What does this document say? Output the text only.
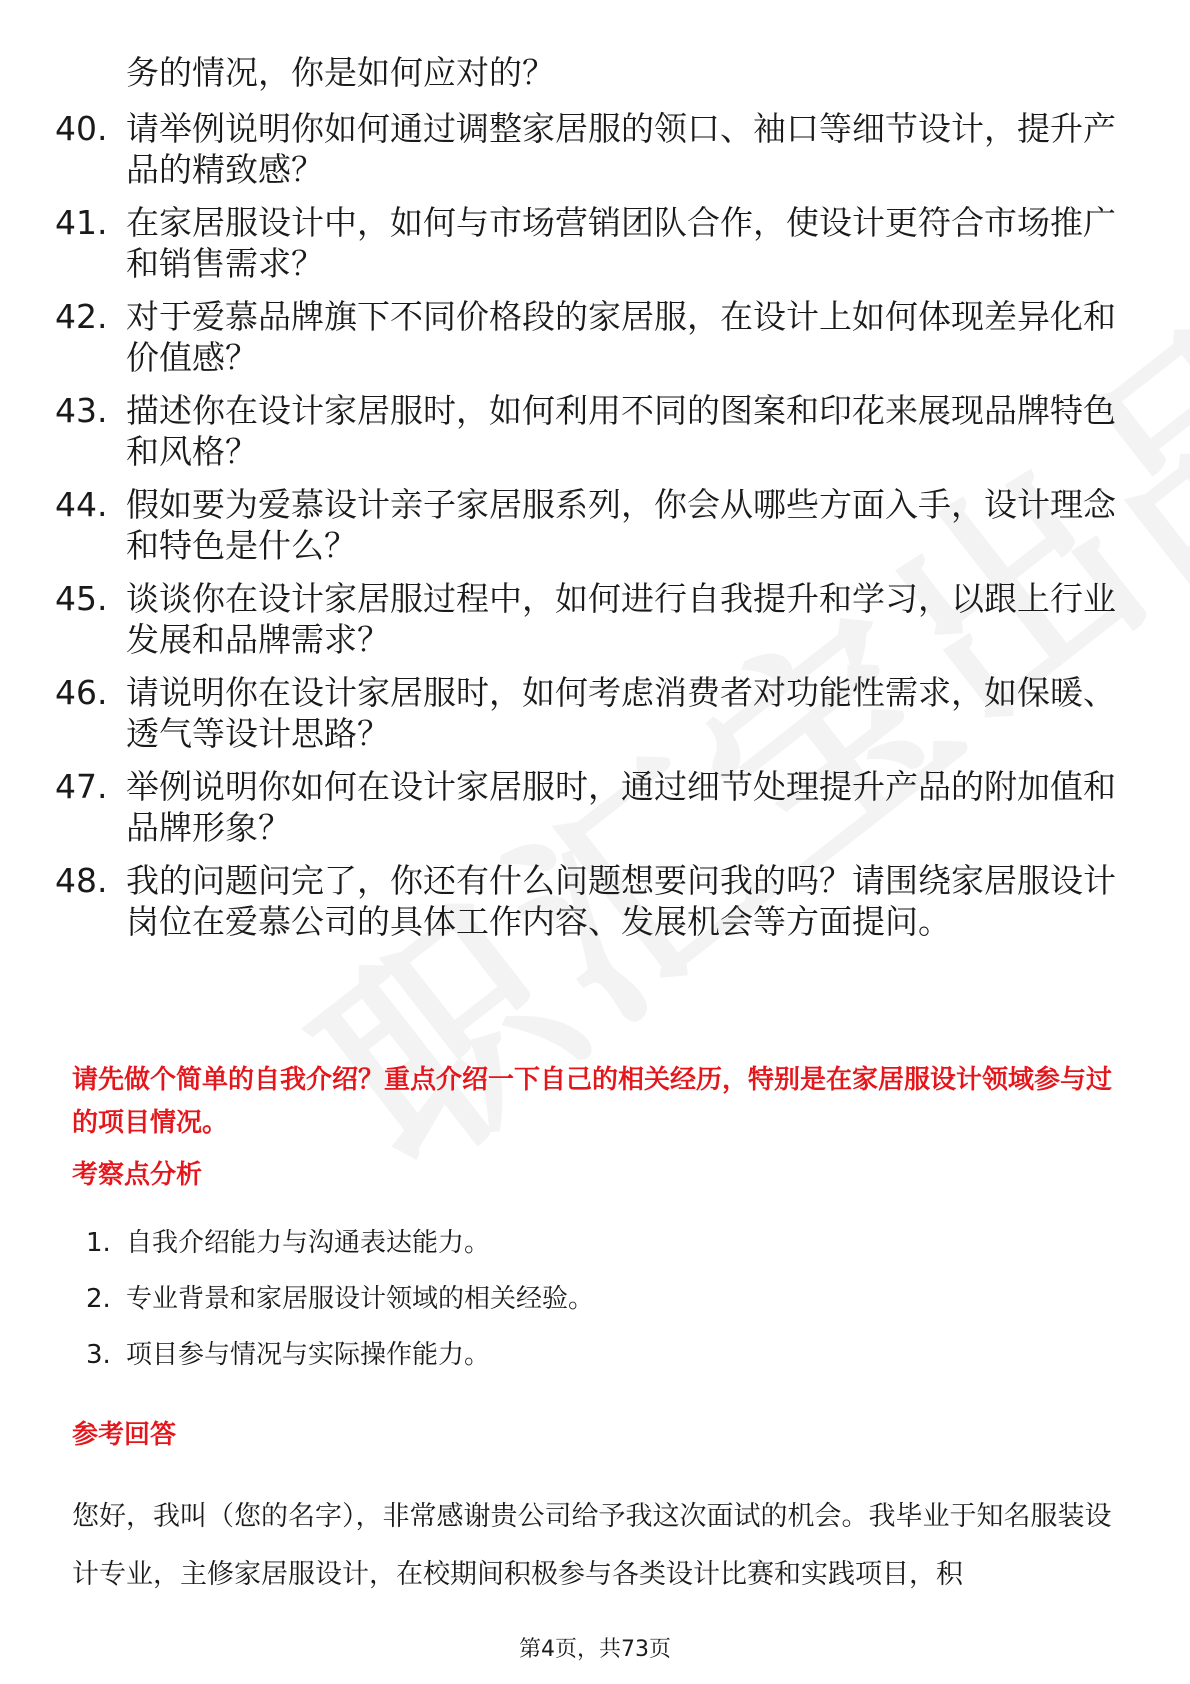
务的情况，你是如何应对的？
40. 请举例说明你如何通过调整家居服的领口、袖口等细节设计，提升产品的精致感？
41. 在家居服设计中，如何与市场营销团队合作，使设计更符合市场推广和销售需求？
42. 对于爱慕品牌旗下不同价格段的家居服，在设计上如何体现差异化和价值感？
43. 描述你在设计家居服时，如何利用不同的图案和印花来展现品牌特色和风格？
44. 假如要为爱慕设计亲子家居服系列，你会从哪些方面入手，设计理念和特色是什么？
45. 谈谈你在设计家居服过程中，如何进行自我提升和学习，以跟上行业发展和品牌需求？
46. 请说明你在设计家居服时，如何考虑消费者对功能性需求，如保暖、透气等设计思路？
47. 举例说明你如何在设计家居服时，通过细节处理提升产品的附加值和品牌形象？
48. 我的问题问完了，你还有什么问题想要问我的吗？请围绕家居服设计岗位在爱慕公司的具体工作内容、发展机会等方面提问。
请先做个简单的自我介绍？重点介绍一下自己的相关经历，特别是在家居服设计领域参与过的项目情况。
考察点分析
1. 自我介绍能力与沟通表达能力。
2. 专业背景和家居服设计领域的相关经验。
3. 项目参与情况与实际操作能力。
参考回答
您好，我叫（您的名字），非常感谢贵公司给予我这次面试的机会。我毕业于知名服装设计专业，主修家居服设计，在校期间积极参与各类设计比赛和实践项目，积
第4页，共73页
